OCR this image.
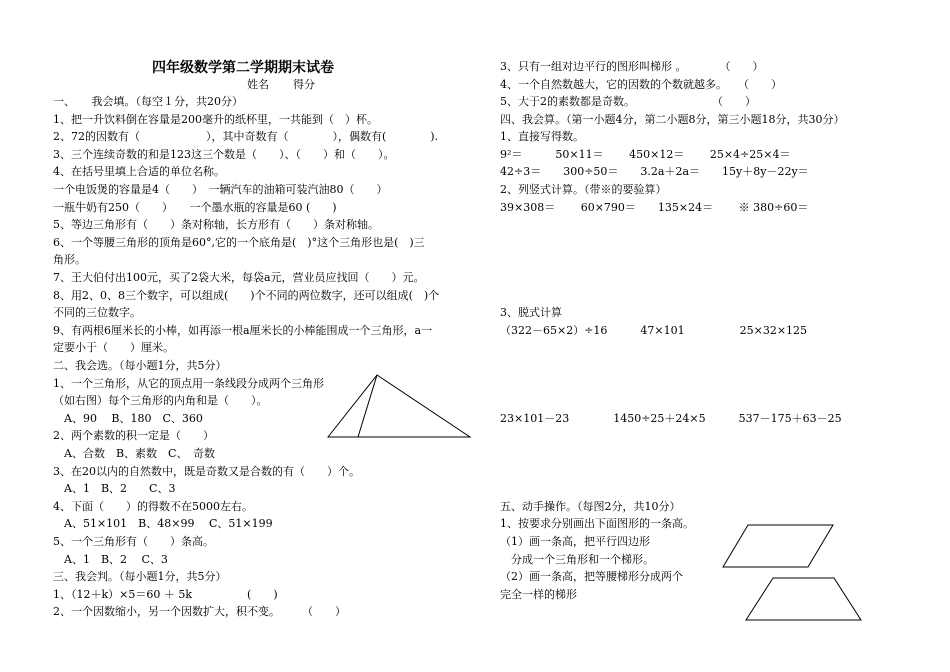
四年级数学第二学期期末试卷
姓名 得分
一、　　我会填。（每空１分，共20分）
1、把一升饮料倒在容量是200毫升的纸杯里，一共能到（　）杯。
2、72的因数有（　　　　　　），其中奇数有（　　　　），偶数有(　　　　).
3、三个连续奇数的和是123这三个数是（　　）、（　　）和（　　）。
4、在括号里填上合适的单位名称。
一个电饭煲的容量是4（　　）　一辆汽车的油箱可装汽油80（　　）
一瓶牛奶有250（　　）　　一个墨水瓶的容量是60 (　　)
5、等边三角形有（　　）条对称轴，长方形有（　　）条对称轴。
6、一个等腰三角形的顶角是60°,它的一个底角是(　)°这个三角形也是(　)三
角形。
7、王大伯付出100元，买了2袋大米，每袋a元，营业员应找回（　　）元。
8、用2、0、8三个数字，可以组成(　　)个不同的两位数字，还可以组成(　)个
不同的三位数字。
9、有两根6厘米长的小棒，如再添一根a厘米长的小棒能围成一个三角形，a一
定要小于（　　）厘米。
二、我会选。（每小题1分，共5分）
1、一个三角形，从它的顶点用一条线段分成两个三角形
（如右图）每个三角形的内角和是（　　）。
　A、90　 B、180　C、360
2、两个素数的积一定是（　　）
　A、合数　B、素数　C、　奇数
3、在20以内的自然数中，既是奇数又是合数的有（　　）个。
　A、1　B、2　　C、3
4、下面（　　）的得数不在5000左右。
　A、51×101　B、48×99　 C、51×199
5、一个三角形有（　　）条高。
　A、1　B、2　 C、3
三、我会判。（每小题1分，共5分）
1、（12＋k）×5＝60 ＋ 5k　　　　　(　　)
2、一个因数缩小，另一个因数扩大，积不变。　　　（　　）
3、只有一组对边平行的图形叫梯形 。　　　　（　　）
4、一个自然数越大，它的因数的个数就越多。　　（　　）
5、大于2的素数都是奇数。　　　　　　　　（　　）
四、我会算。（第一小题4分，第二小题8分，第三小题18分，共30分）
1、直接写得数。
9²＝　　　50×11＝　　 450×12＝　　 25×4÷25×4＝
42÷3＝　　300÷50＝　　3.2a＋2a＝　　15y＋8y－22y＝
2、列竖式计算。（带※的要验算）
39×308＝　　 60×790＝　　135×24＝　　 ※ 380÷60＝
3、脱式计算
（322－65×2）÷16　　　47×101　　　　　25×32×125
23×101－23　　　　1450÷25＋24×5　　　537－175＋63－25
五、动手操作。（每图2分，共10分）
1、按要求分别画出下面图形的一条高。
（1）画一条高，把平行四边形
　分成一个三角形和一个梯形。
（2）画一条高，把等腰梯形分成两个
完全一样的梯形
